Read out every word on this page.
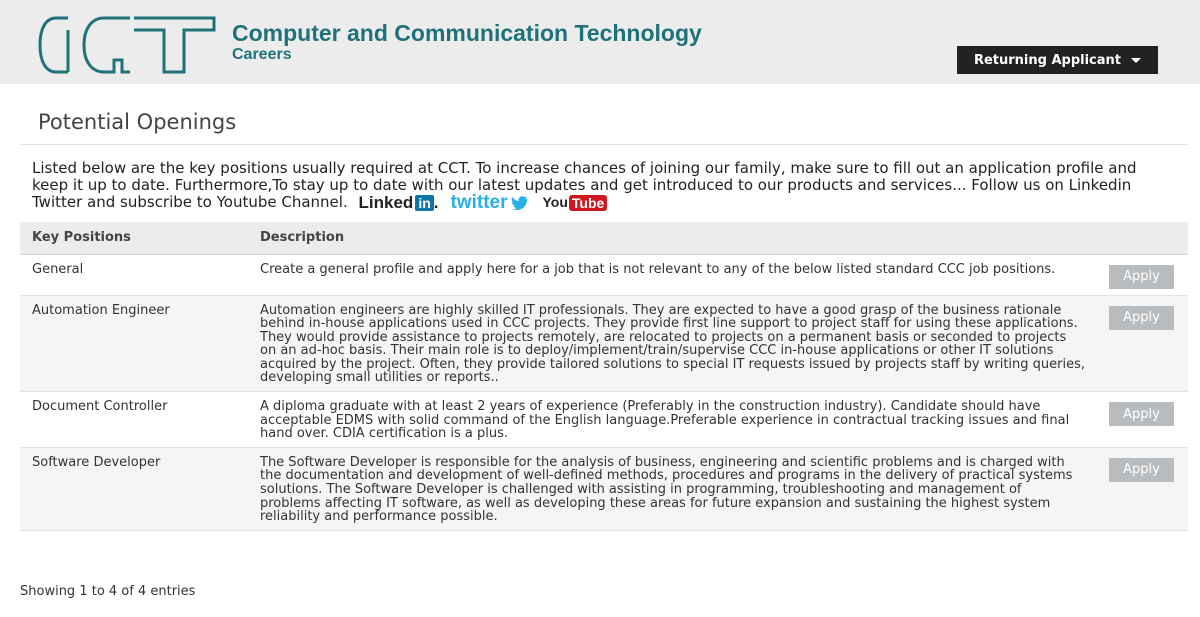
Computer and Communication Technology
Careers	Returning Applicant
Potential Openings

Listed below are the key positions usually required at CCT. To increase chances of joining our family, make sure to fill out an application profile and keep it up to date. Furthermore,To stay up to date with our latest updates and get introduced to our products and services... Follow us on Linkedin Twitter and subscribe to Youtube Channel. Linked in . twitter	You Tube

Key Positions	Description	
General	Create a general profile and apply here for a job that is not relevant to any of the below listed standard CCC job positions.	Apply

Automation Engineer	Automation engineers are highly skilled IT professionals. They are expected to have a good grasp of the business rationale behind in-house applications used in CCC projects. They provide first line support to project staff for using these applications. They would provide assistance to projects remotely, are relocated to projects on a permanent basis or seconded to projects on an ad-hoc basis. Their main role is to deploy/implement/train/supervise CCC in-house applications or other IT solutions acquired by the project. Often, they provide tailored solutions to special IT requests issued by projects staff by writing queries, developing small utilities or reports..	Apply

Document Controller	A diploma graduate with at least 2 years of experience (Preferably in the construction industry). Candidate should have acceptable EDMS with solid command of the English language.Preferable experience in contractual tracking issues and final hand over. CDIA certification is a plus.	Apply

Software Developer	The Software Developer is responsible for the analysis of business, engineering and scientific problems and is charged with the documentation and development of well-defined methods, procedures and programs in the delivery of practical systems solutions. The Software Developer is challenged with assisting in programming, troubleshooting and management of problems affecting IT software, as well as developing these areas for future expansion and sustaining the highest system reliability and performance possible.	Apply
Showing 1 to 4 of 4 entries
